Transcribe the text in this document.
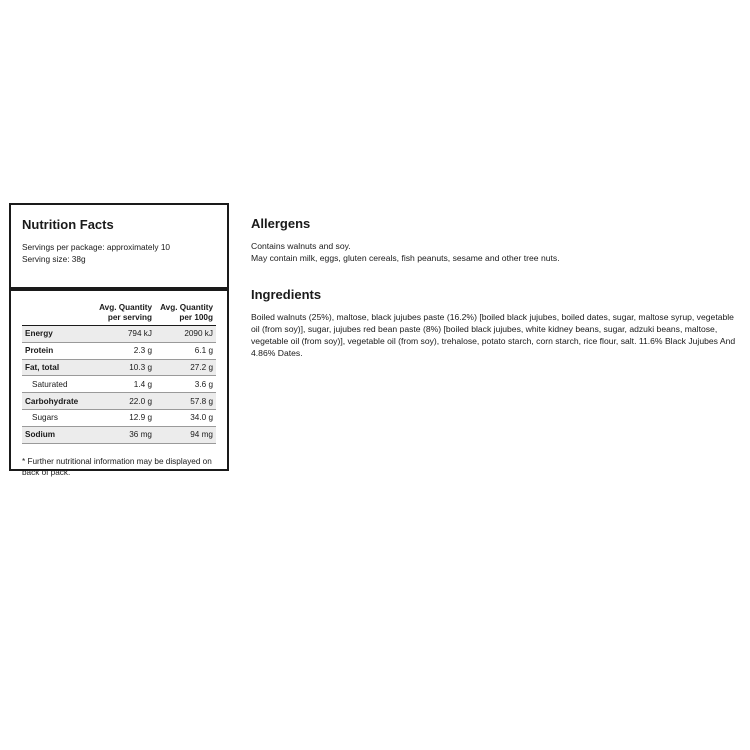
Nutrition Facts
Servings per package: approximately 10
Serving size: 38g
Avg. Quantity per serving
Avg. Quantity per 100g
Energy	794 kJ	2090 kJ
Protein	2.3 g	6.1 g
Fat, total	10.3 g	27.2 g
Saturated	1.4 g	3.6 g
Carbohydrate	22.0 g	57.8 g
Sugars	12.9 g	34.0 g
Sodium	36 mg	94 mg
* Further nutritional information may be displayed on back of pack.
Allergens
Contains walnuts and soy.
May contain milk, eggs, gluten cereals, fish peanuts, sesame and other tree nuts.
Ingredients
Boiled walnuts (25%), maltose, black jujubes paste (16.2%) [boiled black jujubes, boiled dates, sugar, maltose syrup, vegetable oil (from soy)], sugar, jujubes red bean paste (8%) [boiled black jujubes, white kidney beans, sugar, adzuki beans, maltose, vegetable oil (from soy)], vegetable oil (from soy), trehalose, potato starch, corn starch, rice flour, salt. 11.6% Black Jujubes And 4.86% Dates.
